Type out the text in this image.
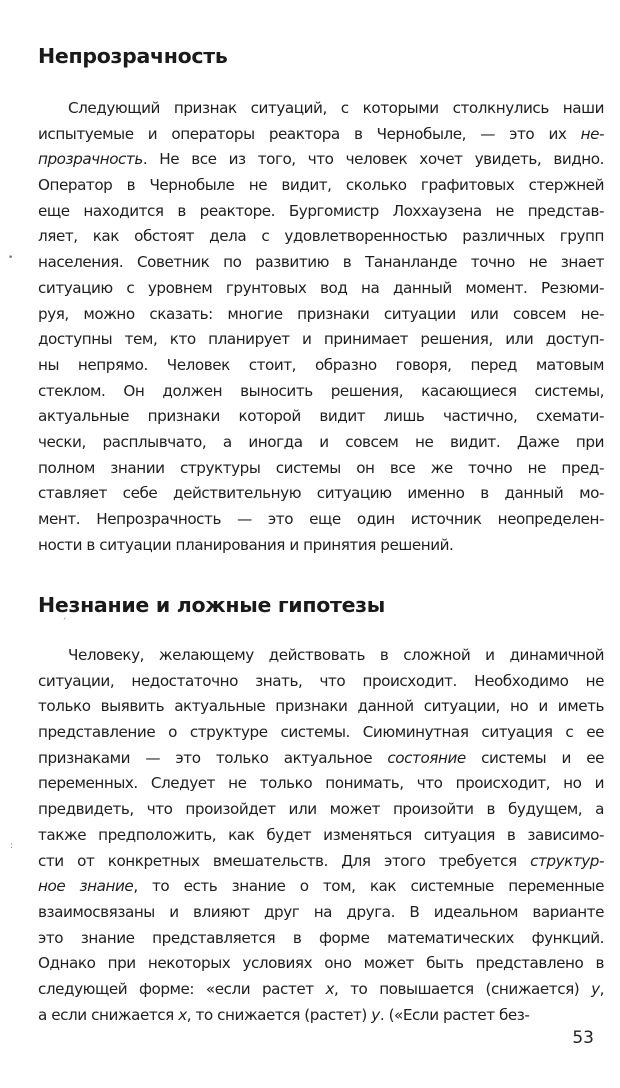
Непрозрачность
Следующий признак ситуаций, с которыми столкнулись наши
испытуемые и операторы реактора в Чернобыле, — это их не-
прозрачность. Не все из того, что человек хочет увидеть, видно.
Оператор в Чернобыле не видит, сколько графитовых стержней
еще находится в реакторе. Бургомистр Лоххаузена не представ-
ляет, как обстоят дела с удовлетворенностью различных групп
населения. Советник по развитию в Тананланде точно не знает
ситуацию с уровнем грунтовых вод на данный момент. Резюми-
руя, можно сказать: многие признаки ситуации или совсем не-
доступны тем, кто планирует и принимает решения, или доступ-
ны непрямо. Человек стоит, образно говоря, перед матовым
стеклом. Он должен выносить решения, касающиеся системы,
актуальные признаки которой видит лишь частично, схемати-
чески, расплывчато, а иногда и совсем не видит. Даже при
полном знании структуры системы он все же точно не пред-
ставляет себе действительную ситуацию именно в данный мо-
мент. Непрозрачность — это еще один источник неопределен-
ности в ситуации планирования и принятия решений.
Незнание и ложные гипотезы
Человеку, желающему действовать в сложной и динамичной
ситуации, недостаточно знать, что происходит. Необходимо не
только выявить актуальные признаки данной ситуации, но и иметь
представление о структуре системы. Сиюминутная ситуация с ее
признаками — это только актуальное состояние системы и ее
переменных. Следует не только понимать, что происходит, но и
предвидеть, что произойдет или может произойти в будущем, а
также предположить, как будет изменяться ситуация в зависимо-
сти от конкретных вмешательств. Для этого требуется структур-
ное знание, то есть знание о том, как системные переменные
взаимосвязаны и влияют друг на друга. В идеальном варианте
это знание представляется в форме математических функций.
Однако при некоторых условиях оно может быть представлено в
следующей форме: «если растет x, то повышается (снижается) y,
а если снижается x, то снижается (растет) y. («Если растет без-
53
•
:
ˊ
